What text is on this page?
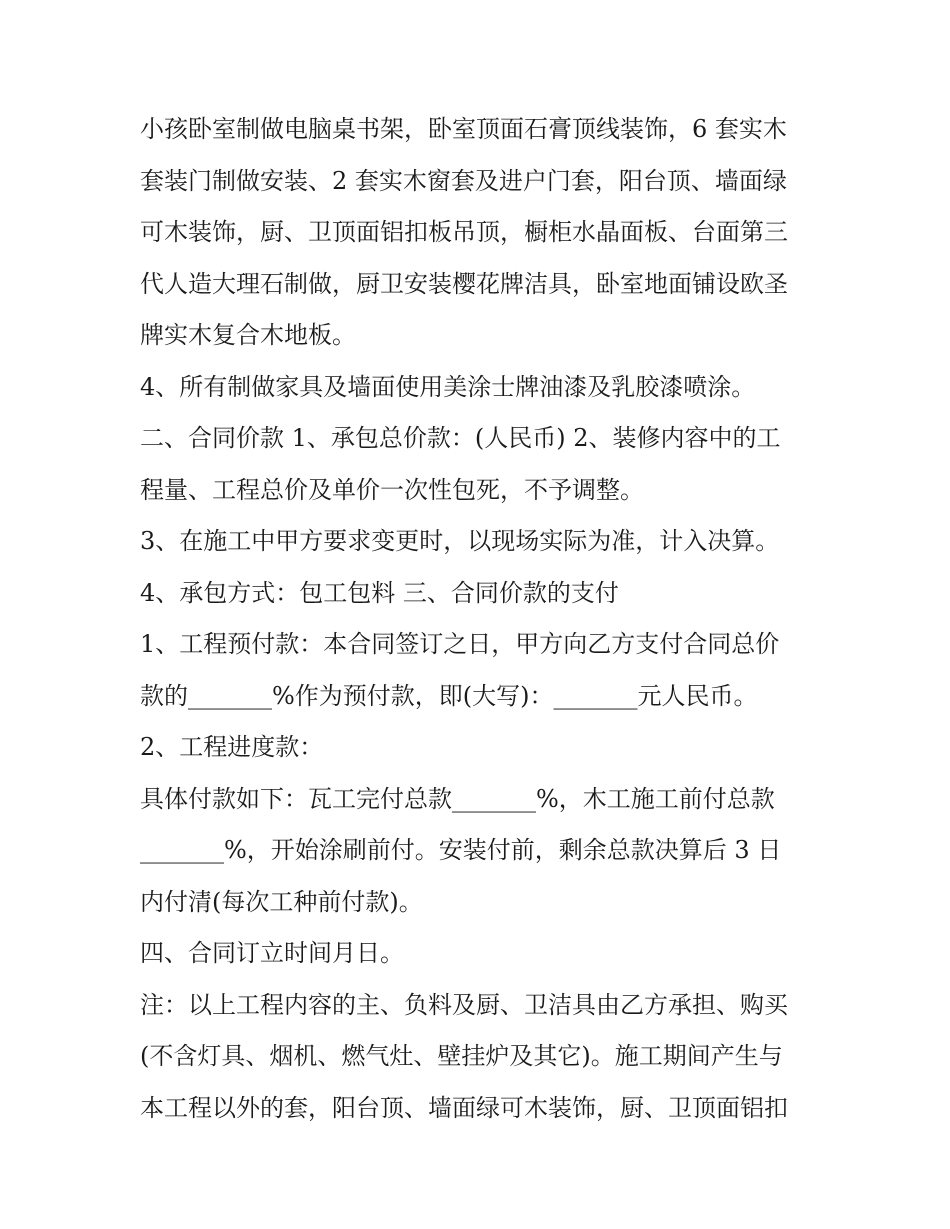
小孩卧室制做电脑桌书架，卧室顶面石膏顶线装饰，6 套实木
套装门制做安装、2 套实木窗套及进户门套，阳台顶、墙面绿
可木装饰，厨、卫顶面铝扣板吊顶，橱柜水晶面板、台面第三
代人造大理石制做，厨卫安装樱花牌洁具，卧室地面铺设欧圣
牌实木复合木地板。
4、所有制做家具及墙面使用美涂士牌油漆及乳胶漆喷涂。
二、合同价款 1、承包总价款：(人民币) 2、装修内容中的工
程量、工程总价及单价一次性包死，不予调整。
3、在施工中甲方要求变更时，以现场实际为准，计入决算。
4、承包方式：包工包料 三、合同价款的支付
1、工程预付款：本合同签订之日，甲方向乙方支付合同总价
款的_______%作为预付款，即(大写)：_______元人民币。
2、工程进度款：
具体付款如下：瓦工完付总款_______%，木工施工前付总款
_______%，开始涂刷前付。安装付前，剩余总款决算后 3 日
内付清(每次工种前付款)。
四、合同订立时间月日。
注：以上工程内容的主、负料及厨、卫洁具由乙方承担、购买
(不含灯具、烟机、燃气灶、壁挂炉及其它)。施工期间产生与
本工程以外的套，阳台顶、墙面绿可木装饰，厨、卫顶面铝扣
